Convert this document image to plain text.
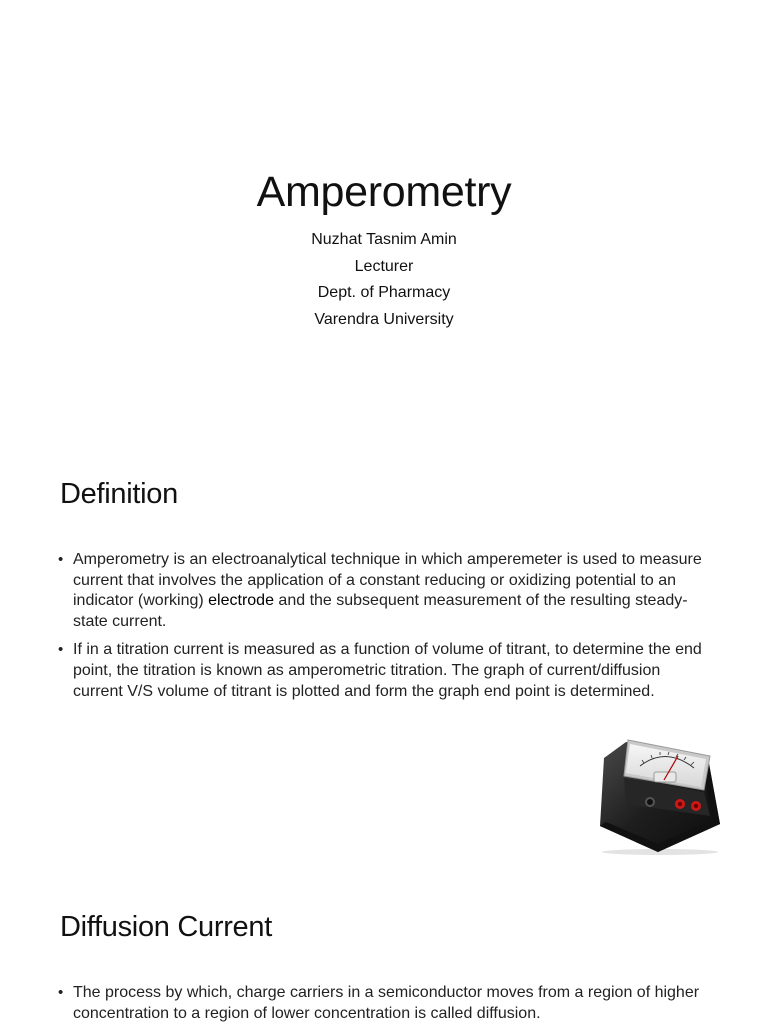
Amperometry
Nuzhat Tasnim Amin
Lecturer
Dept. of Pharmacy
Varendra University
Definition
• Amperometry is an electroanalytical technique in which amperemeter is used to measure current that involves the application of a constant reducing or oxidizing potential to an indicator (working) electrode and the subsequent measurement of the resulting steady-state current.
• If in a titration current is measured as a function of volume of titrant, to determine the end point, the titration is known as amperometric titration. The graph of current/diffusion current V/S volume of titrant is plotted and form the graph end point is determined.
Diffusion Current
• The process by which, charge carriers in a semiconductor moves from a region of higher concentration to a region of lower concentration is called diffusion.
